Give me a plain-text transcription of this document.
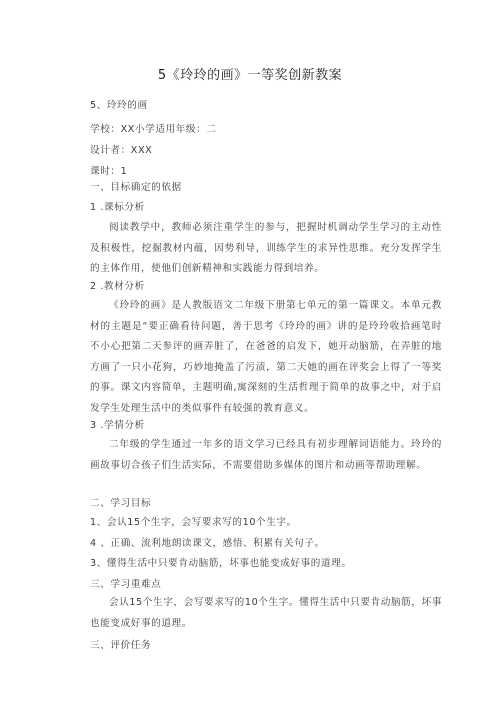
5《玲玲的画》一等奖创新教案
5、玲玲的画
学校：XX小学适用年级：二
设计者：XXX
课时：1
一、目标确定的依据
1 .课标分析
阅读教学中，教师必须注重学生的参与，把握时机调动学生学习的主动性及积极性，挖掘教材内蕴，因势利导，训练学生的求异性思维。充分发挥学生的主体作用，使他们创新精神和实践能力得到培养。
2 .教材分析
《玲玲的画》是人教版语文二年级下册第七单元的第一篇课文。本单元教材的主题是“要正确看待问题，善于思考《玲玲的画》讲的是玲玲收拾画笔时不小心把第二天参评的画弄脏了，在爸爸的启发下，她开动脑筋，在弄脏的地方画了一只小花狗，巧妙地掩盖了污渍，第二天她的画在评奖会上得了一等奖的事。课文内容简单，主题明确,寓深刻的生活哲理于简单的故事之中，对于启发学生处理生活中的类似事件有较强的教育意义。
3 .学情分析
二年级的学生通过一年多的语文学习已经具有初步理解词语能力。玲玲的画故事切合孩子们生活实际，不需要借助多媒体的图片和动画等帮助理解。
二、学习目标
1、会认15个生字，会写要求写的10个生字。
4 、正确、流利地朗读课文，感悟、积累有关句子。
3、懂得生活中只要肯动脑筋，坏事也能变成好事的道理。
三、学习重难点
会认15个生字，会写要求写的10个生字。懂得生活中只要肯动脑筋，坏事也能变成好事的道理。
三、评价任务
